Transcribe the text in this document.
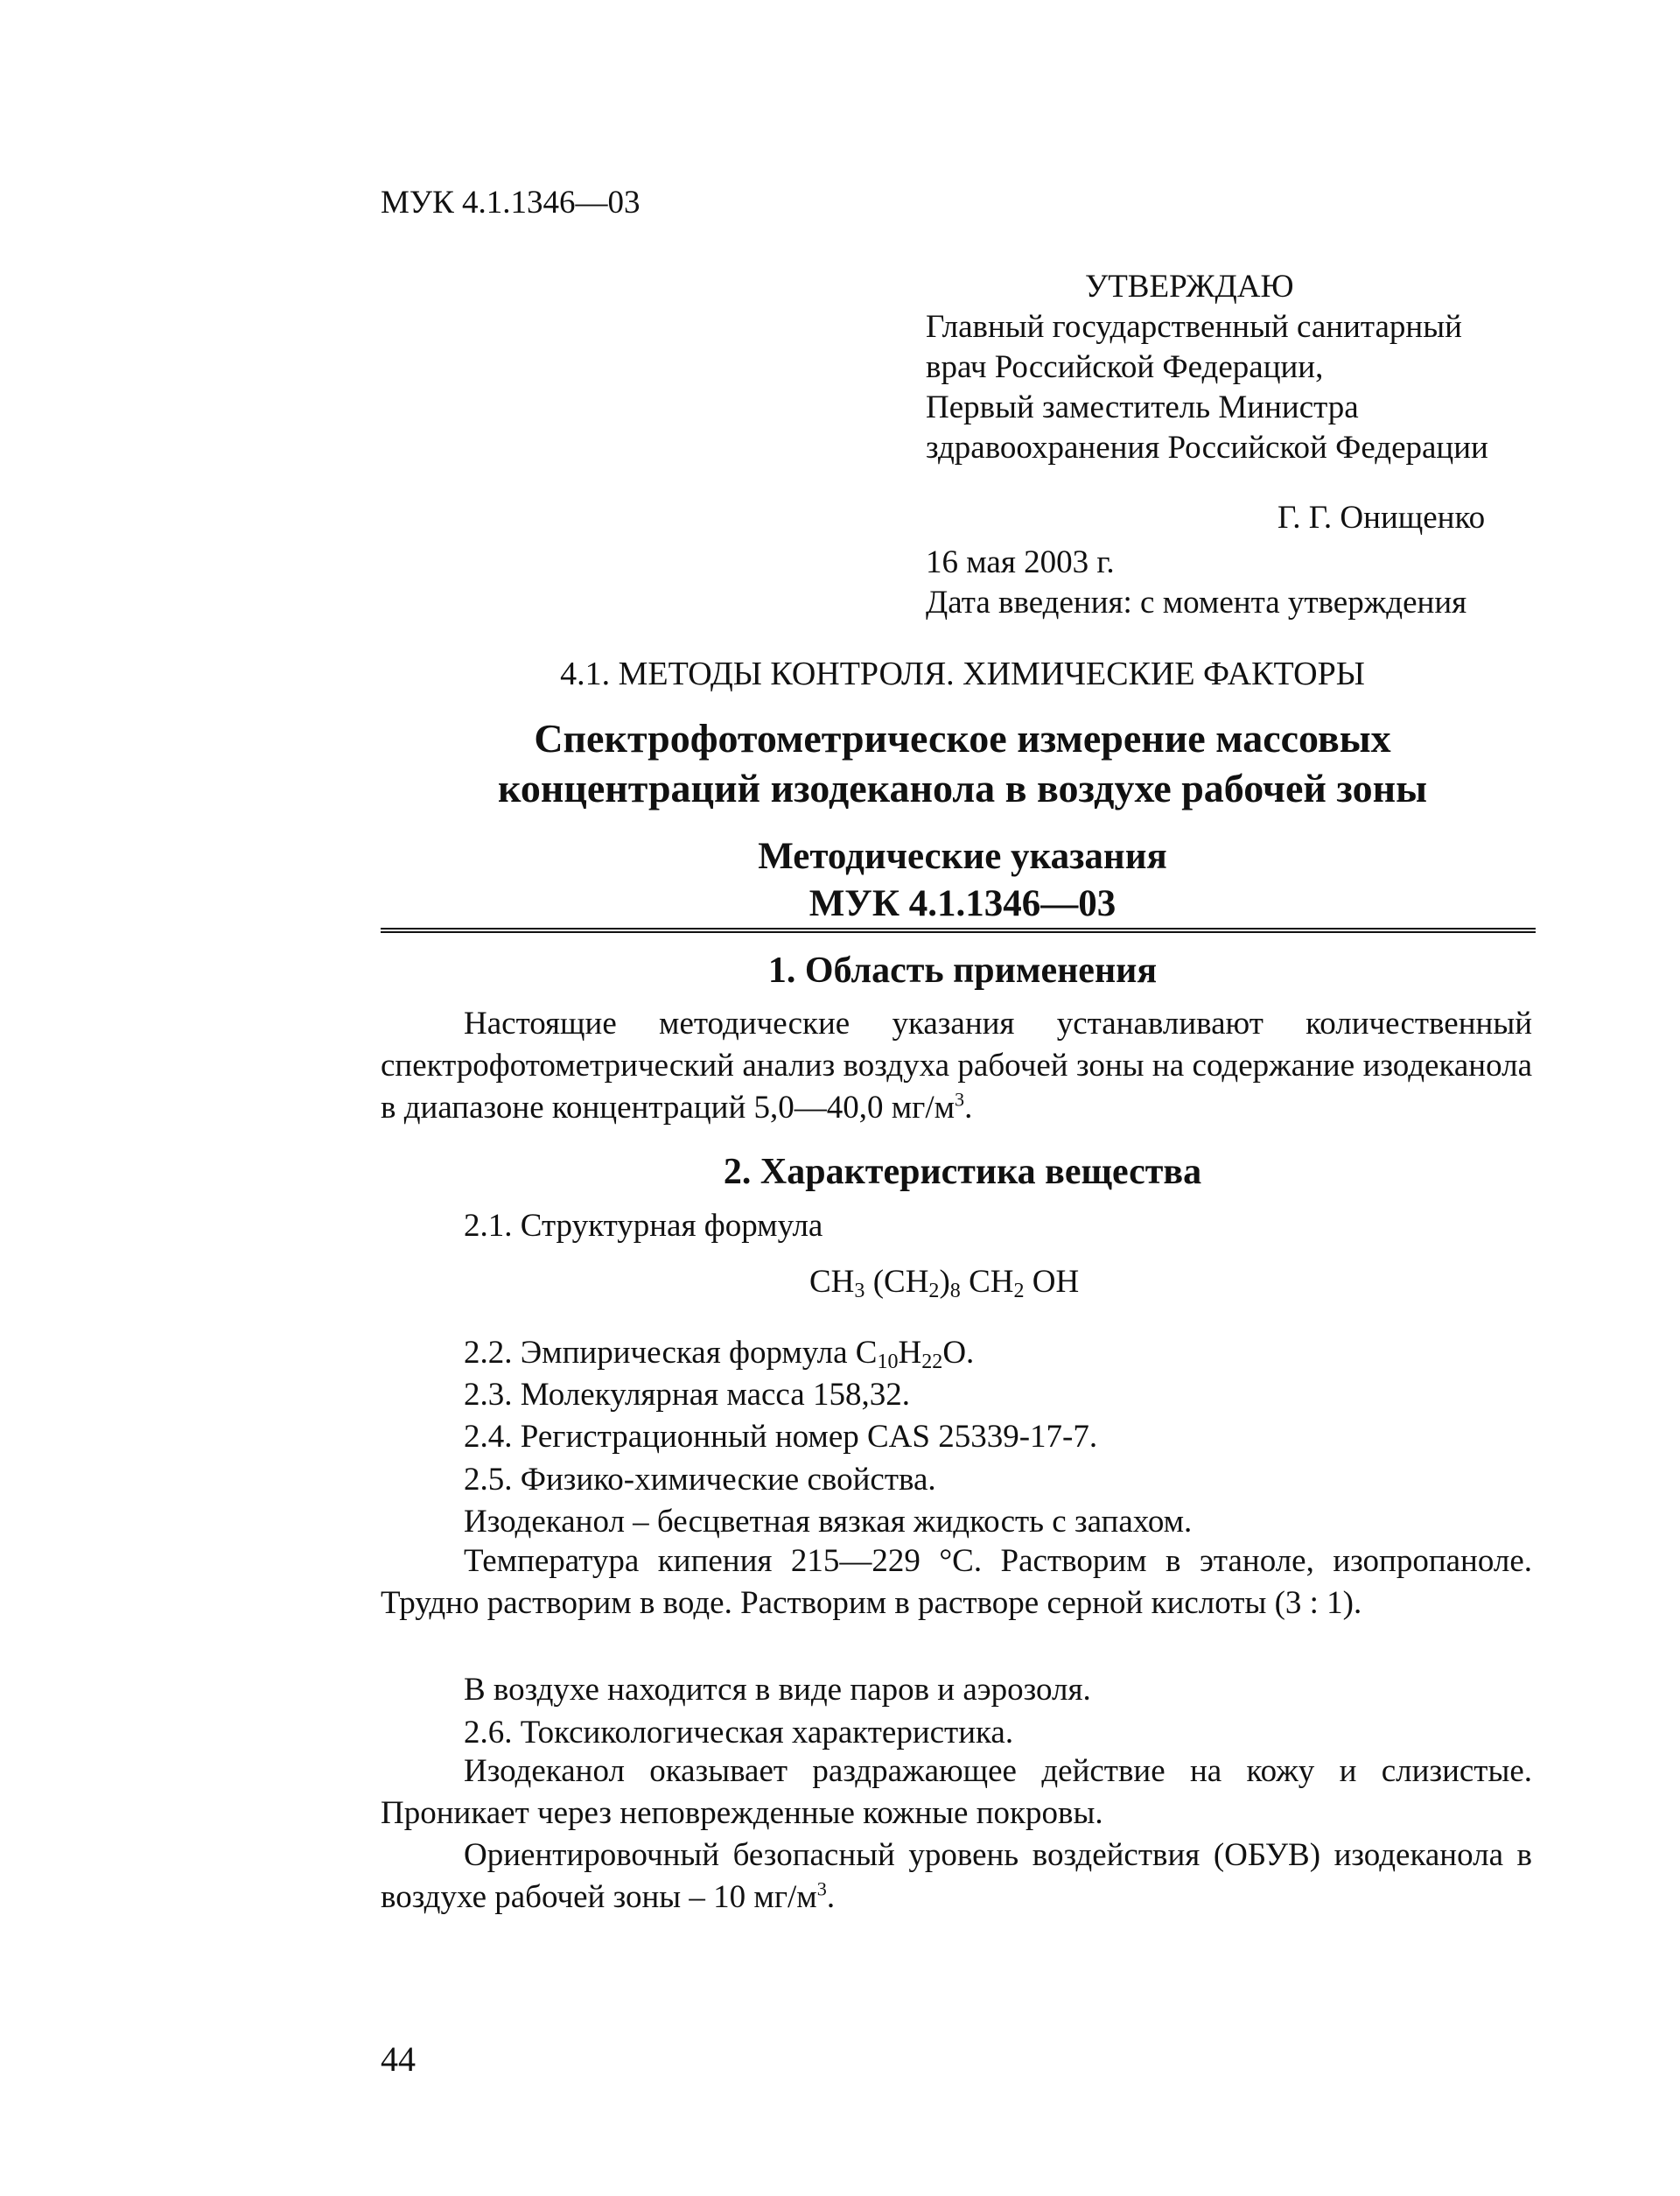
МУК 4.1.1346—03
УТВЕРЖДАЮ
Главный государственный санитарный
врач Российской Федерации,
Первый заместитель Министра
здравоохранения Российской Федерации
Г. Г. Онищенко
16 мая 2003 г.
Дата введения: с момента утверждения
4.1. МЕТОДЫ КОНТРОЛЯ. ХИМИЧЕСКИЕ ФАКТОРЫ
Спектрофотометрическое измерение массовых
концентраций изодеканола в воздухе рабочей зоны
Методические указания
МУК 4.1.1346—03
1. Область применения
Настоящие методические указания устанавливают количественный спектрофотометрический анализ воздуха рабочей зоны на содержание изодеканола в диапазоне концентраций 5,0—40,0 $мг/м^3$.
2. Характеристика вещества
2.1. Структурная формула
$CH_3$ $(CH_2)_8$ $CH_2$ OH
2.2. Эмпирическая формула $C_{10}H_{22}O$.
2.3. Молекулярная масса 158,32.
2.4. Регистрационный номер CAS 25339-17-7.
2.5. Физико-химические свойства.
Изодеканол – бесцветная вязкая жидкость с запахом.
Температура кипения 215—229 °С. Растворим в этаноле, изопропаноле. Трудно растворим в воде. Растворим в растворе серной кислоты (3 : 1).
В воздухе находится в виде паров и аэрозоля.
2.6. Токсикологическая характеристика.
Изодеканол оказывает раздражающее действие на кожу и слизистые. Проникает через неповрежденные кожные покровы.
Ориентировочный безопасный уровень воздействия (ОБУВ) изодеканола в воздухе рабочей зоны – 10 $мг/м^3$.
44
